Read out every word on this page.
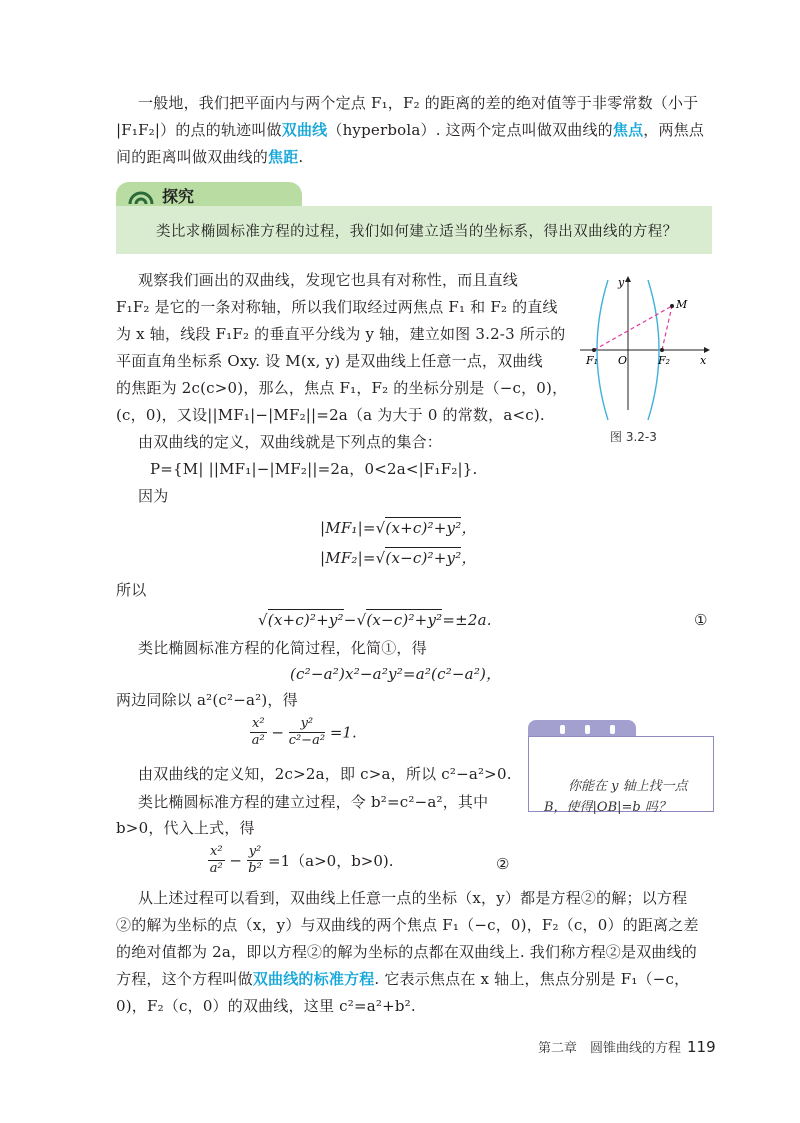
一般地，我们把平面内与两个定点 F₁，F₂ 的距离的差的绝对值等于非零常数（小于
|F₁F₂|）的点的轨迹叫做双曲线（hyperbola）. 这两个定点叫做双曲线的焦点，两焦点
间的距离叫做双曲线的焦距.
探究
类比求椭圆标准方程的过程，我们如何建立适当的坐标系，得出双曲线的方程？
观察我们画出的双曲线，发现它也具有对称性，而且直线
F₁F₂ 是它的一条对称轴，所以我们取经过两焦点 F₁ 和 F₂ 的直线
为 x 轴，线段 F₁F₂ 的垂直平分线为 y 轴，建立如图 3.2-3 所示的
平面直角坐标系 Oxy. 设 M(x, y) 是双曲线上任意一点，双曲线
的焦距为 2c(c>0)，那么，焦点 F₁，F₂ 的坐标分别是（−c，0)，
(c，0)，又设||MF₁|−|MF₂||=2a（a 为大于 0 的常数，a<c).
由双曲线的定义，双曲线就是下列点的集合：
P={M| ||MF₁|−|MF₂||=2a，0<2a<|F₁F₂|}.
因为
y
x
O
F₁	F₂
M
图 3.2-3
|MF₁|=√(x+c)²+y²，
|MF₂|=√(x−c)²+y²，
所以
√(x+c)²+y²−√(x−c)²+y²=±2a.	①
类比椭圆标准方程的化简过程，化简①，得
(c²−a²)x²−a²y²=a²(c²−a²)，
两边同除以 a²(c²−a²)，得
$\frac{\text{x²}}{\text{a²}} - \frac{\text{y²}}{\text{c²−a²}} =1$.
你能在 y 轴上找一点
B，使得|OB|=b 吗？
由双曲线的定义知，2c>2a，即 c>a，所以 c²−a²>0.
类比椭圆标准方程的建立过程，令 b²=c²−a²，其中
b>0，代入上式，得
$\frac{\text{x²}}{\text{a²}} - \frac{\text{y²}}{\text{b²}} =1(a>0$，b>0).	②
从上述过程可以看到，双曲线上任意一点的坐标（x，y）都是方程②的解；以方程
②的解为坐标的点（x，y）与双曲线的两个焦点 F₁（−c，0)，F₂（c，0）的距离之差
的绝对值都为 2a，即以方程②的解为坐标的点都在双曲线上. 我们称方程②是双曲线的
方程，这个方程叫做双曲线的标准方程. 它表示焦点在 x 轴上，焦点分别是 F₁（−c，
0)，F₂（c，0）的双曲线，这里 c²=a²+b².
第二章　圆锥曲线的方程 119
